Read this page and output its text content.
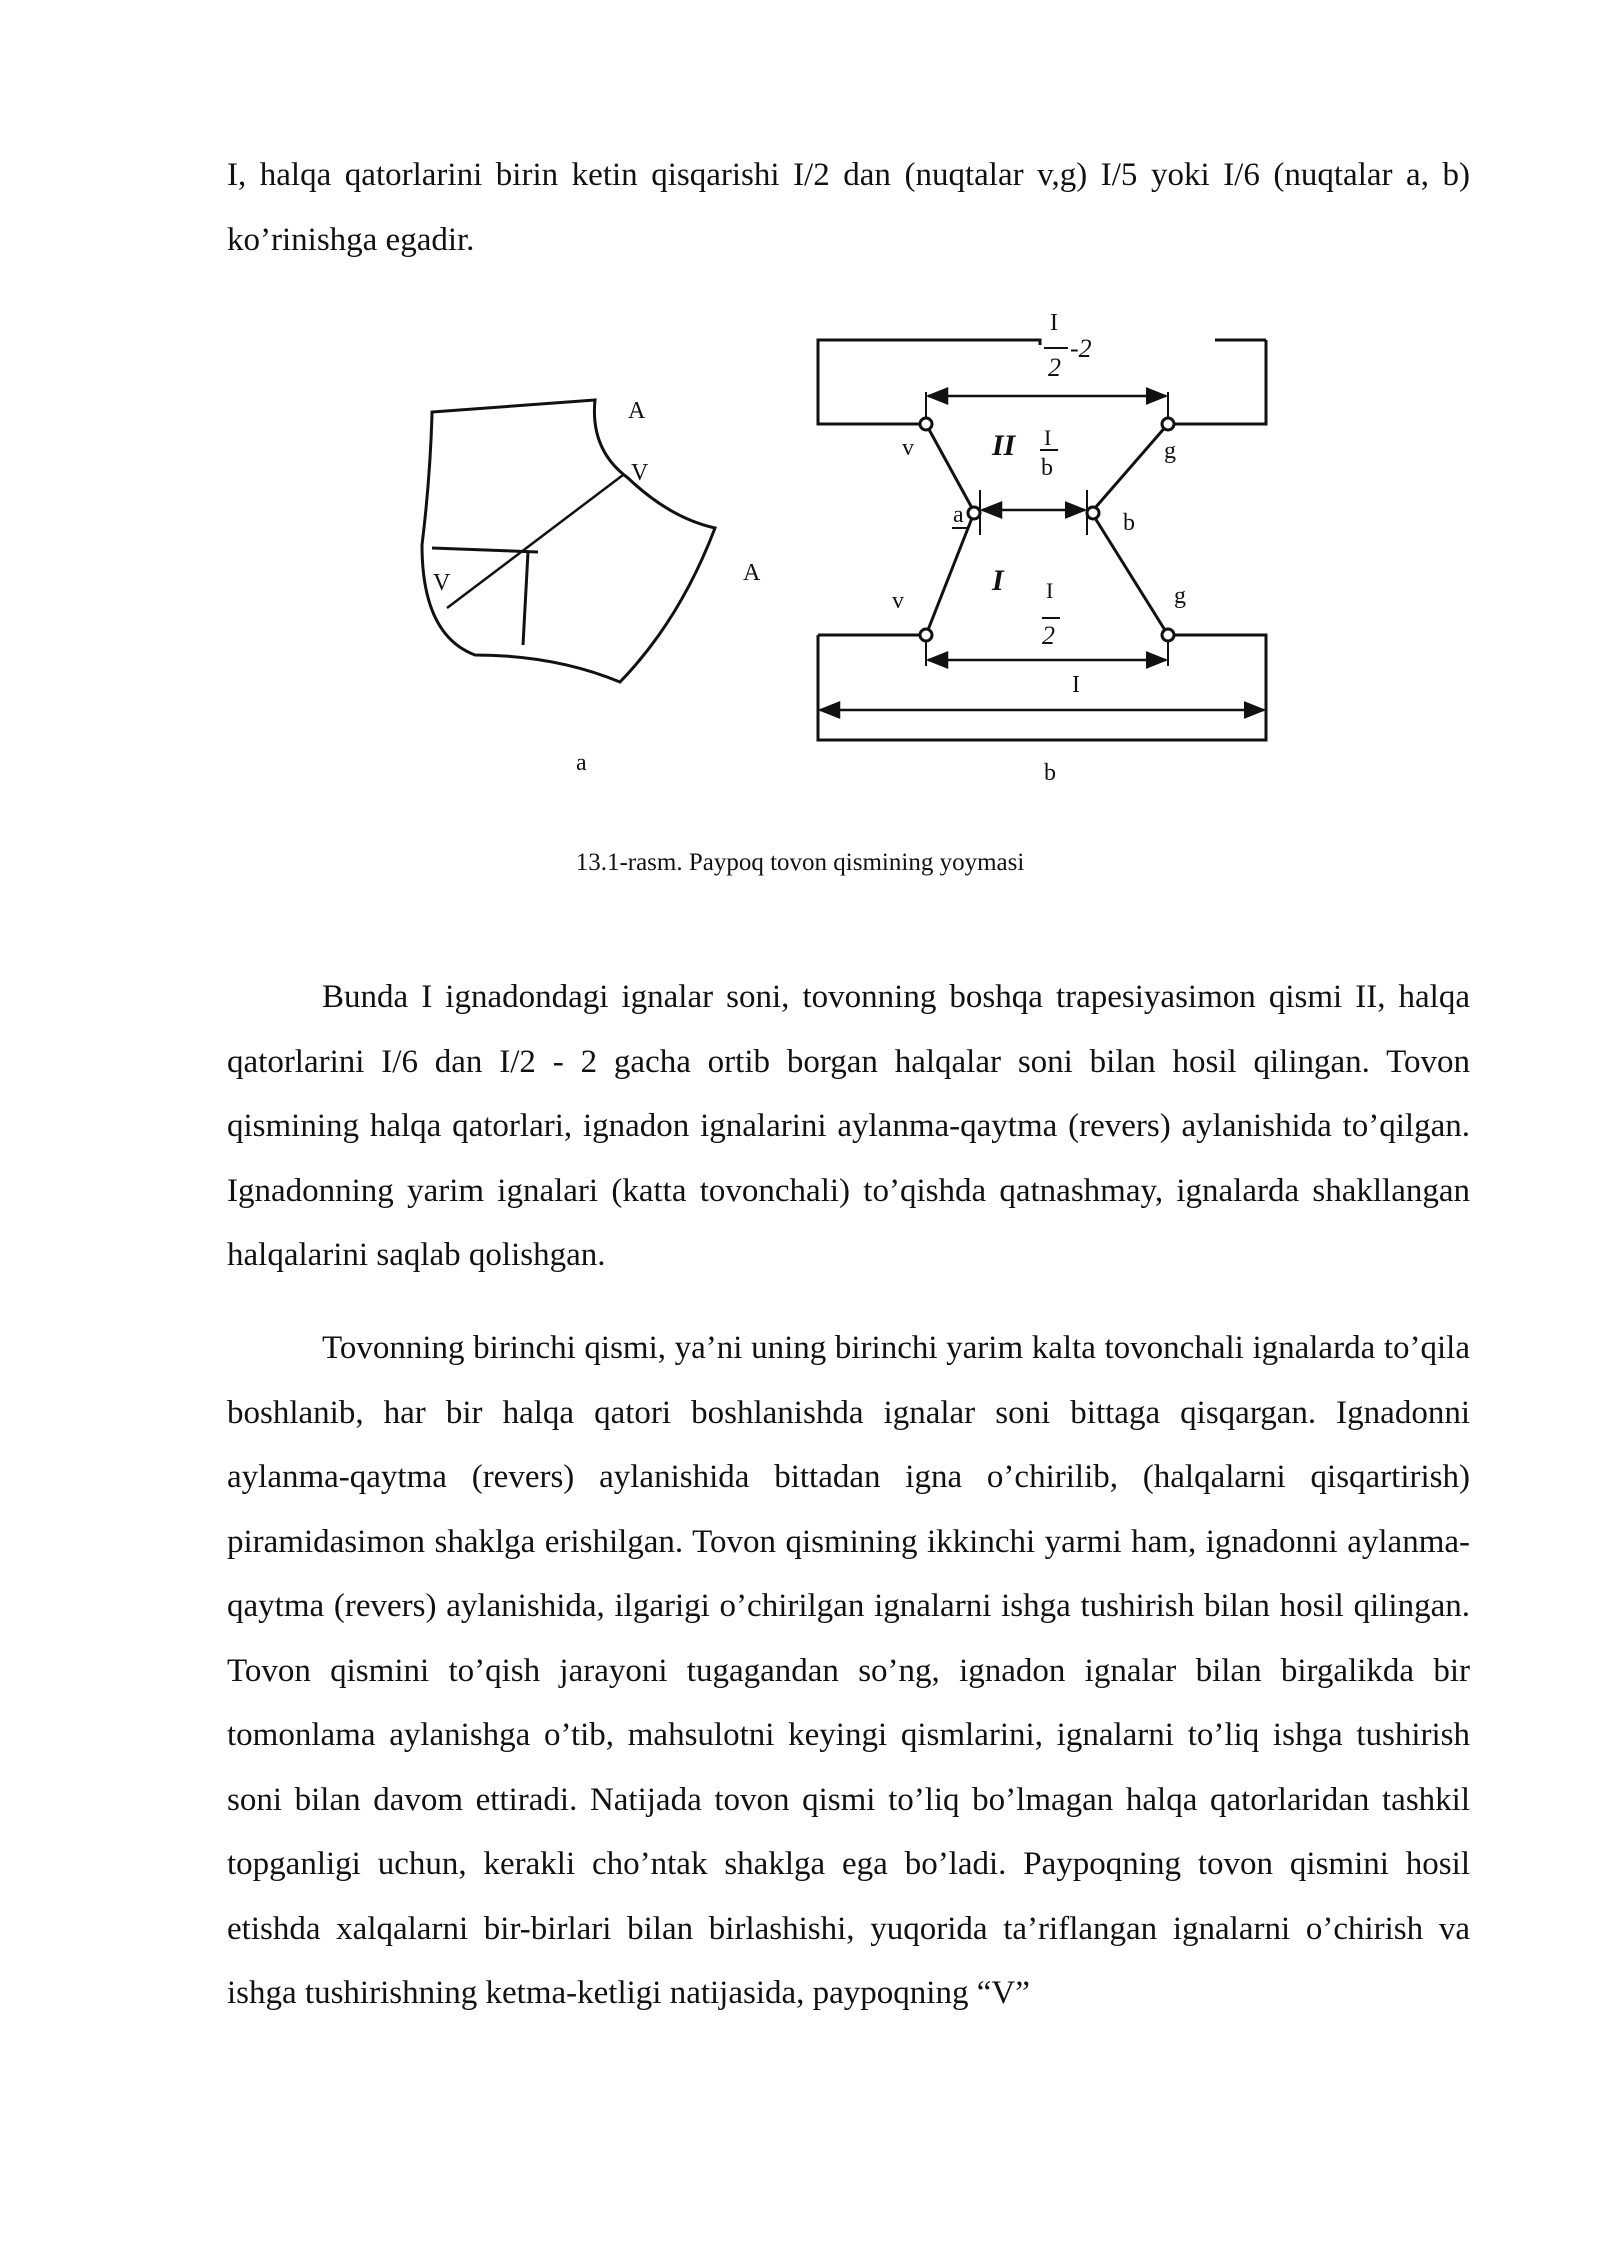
I, halqa qatorlarini birin ketin qisqarishi I/2 dan (nuqtalar v,g) I/5 yoki I/6 (nuqtalar a, b) ko’rinishga egadir.

A
V
V	A
a
I
2
-2
v	g
II I
b
a	b
I I
2
v	g
I
b

13.1-rasm. Paypoq tovon qismining yoymasi

Bunda I ignadondagi ignalar soni, tovonning boshqa trapesiyasimon qismi II, halqa qatorlarini I/6 dan I/2 - 2 gacha ortib borgan halqalar soni bilan hosil qilingan. Tovon qismining halqa qatorlari, ignadon ignalarini aylanma-qaytma (revers) aylanishida to’qilgan. Ignadonning yarim ignalari (katta tovonchali) to’qishda qatnashmay, ignalarda shakllangan halqalarini saqlab qolishgan.

Tovonning birinchi qismi, ya’ni uning birinchi yarim kalta tovonchali ignalarda to’qila boshlanib, har bir halqa qatori boshlanishda ignalar soni bittaga qisqargan. Ignadonni aylanma-qaytma (revers) aylanishida bittadan igna o’chirilib, (halqalarni qisqartirish) piramidasimon shaklga erishilgan. Tovon qismining ikkinchi yarmi ham, ignadonni aylanma-qaytma (revers) aylanishida, ilgarigi o’chirilgan ignalarni ishga tushirish bilan hosil qilingan. Tovon qismini to’qish jarayoni tugagandan so’ng, ignadon ignalar bilan birgalikda bir tomonlama aylanishga o’tib, mahsulotni keyingi qismlarini, ignalarni to’liq ishga tushirish soni bilan davom ettiradi. Natijada tovon qismi to’liq bo’lmagan halqa qatorlaridan tashkil topganligi uchun, kerakli cho’ntak shaklga ega bo’ladi. Paypoqning tovon qismini hosil etishda xalqalarni bir-birlari bilan birlashishi, yuqorida ta’riflangan ignalarni o’chirish va ishga tushirishning ketma-ketligi natijasida, paypoqning “V”
